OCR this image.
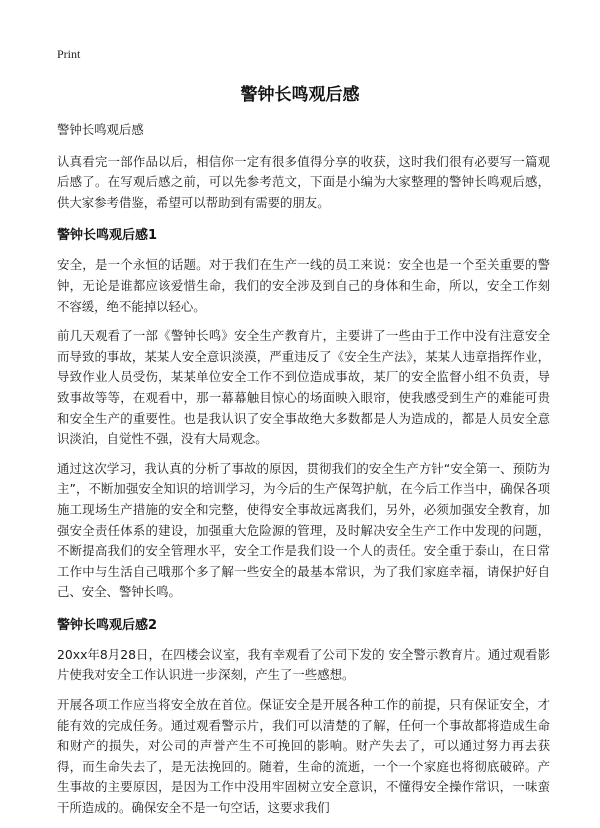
Print
警钟长鸣观后感

警钟长鸣观后感

认真看完一部作品以后，相信你一定有很多值得分享的收获，这时我们很有必要写一篇观后感了。在写观后感之前，可以先参考范文，下面是小编为大家整理的警钟长鸣观后感，供大家参考借鉴，希望可以帮助到有需要的朋友。

警钟长鸣观后感1

安全，是一个永恒的话题。对于我们在生产一线的员工来说：安全也是一个至关重要的警钟，无论是谁都应该爱惜生命，我们的安全涉及到自己的身体和生命，所以，安全工作刻不容缓，绝不能掉以轻心。

前几天观看了一部《警钟长鸣》安全生产教育片，主要讲了一些由于工作中没有注意安全而导致的事故，某某人安全意识淡漠，严重违反了《安全生产法》，某某人违章指挥作业，导致作业人员受伤，某某单位安全工作不到位造成事故，某厂的安全监督小组不负责，导致事故等等，在观看中，那一幕幕触目惊心的场面映入眼帘，使我感受到生产的难能可贵和安全生产的重要性。也是我认识了安全事故绝大多数都是人为造成的，都是人员安全意识淡泊，自觉性不强，没有大局观念。

通过这次学习，我认真的分析了事故的原因，贯彻我们的安全生产方针“安全第一、预防为主”，不断加强安全知识的培训学习，为今后的生产保驾护航，在今后工作当中，确保各项施工现场生产措施的安全和完整，使得安全事故远离我们，另外，必须加强安全教育，加强安全责任体系的建设，加强重大危险源的管理，及时解决安全生产工作中发现的问题，不断提高我们的安全管理水平，安全工作是我们设一个人的责任。安全重于泰山，在日常工作中与生活自己哦那个多了解一些安全的最基本常识，为了我们家庭幸福，请保护好自己、安全、警钟长鸣。

警钟长鸣观后感2

20xx年8月28日，在四楼会议室，我有幸观看了公司下发的 安全警示教育片。通过观看影片使我对安全工作认识进一步深刻，产生了一些感想。

开展各项工作应当将安全放在首位。保证安全是开展各种工作的前提，只有保证安全，才能有效的完成任务。通过观看警示片，我们可以清楚的了解，任何一个事故都将造成生命和财产的损失，对公司的声誉产生不可挽回的影响。财产失去了，可以通过努力再去获得，而生命失去了，是无法挽回的。随着，生命的流逝，一个一个家庭也将彻底破碎。产生事故的主要原因，是因为工作中没用牢固树立安全意识，不懂得安全操作常识，一味蛮干所造成的。确保安全不是一句空话，这要求我们
